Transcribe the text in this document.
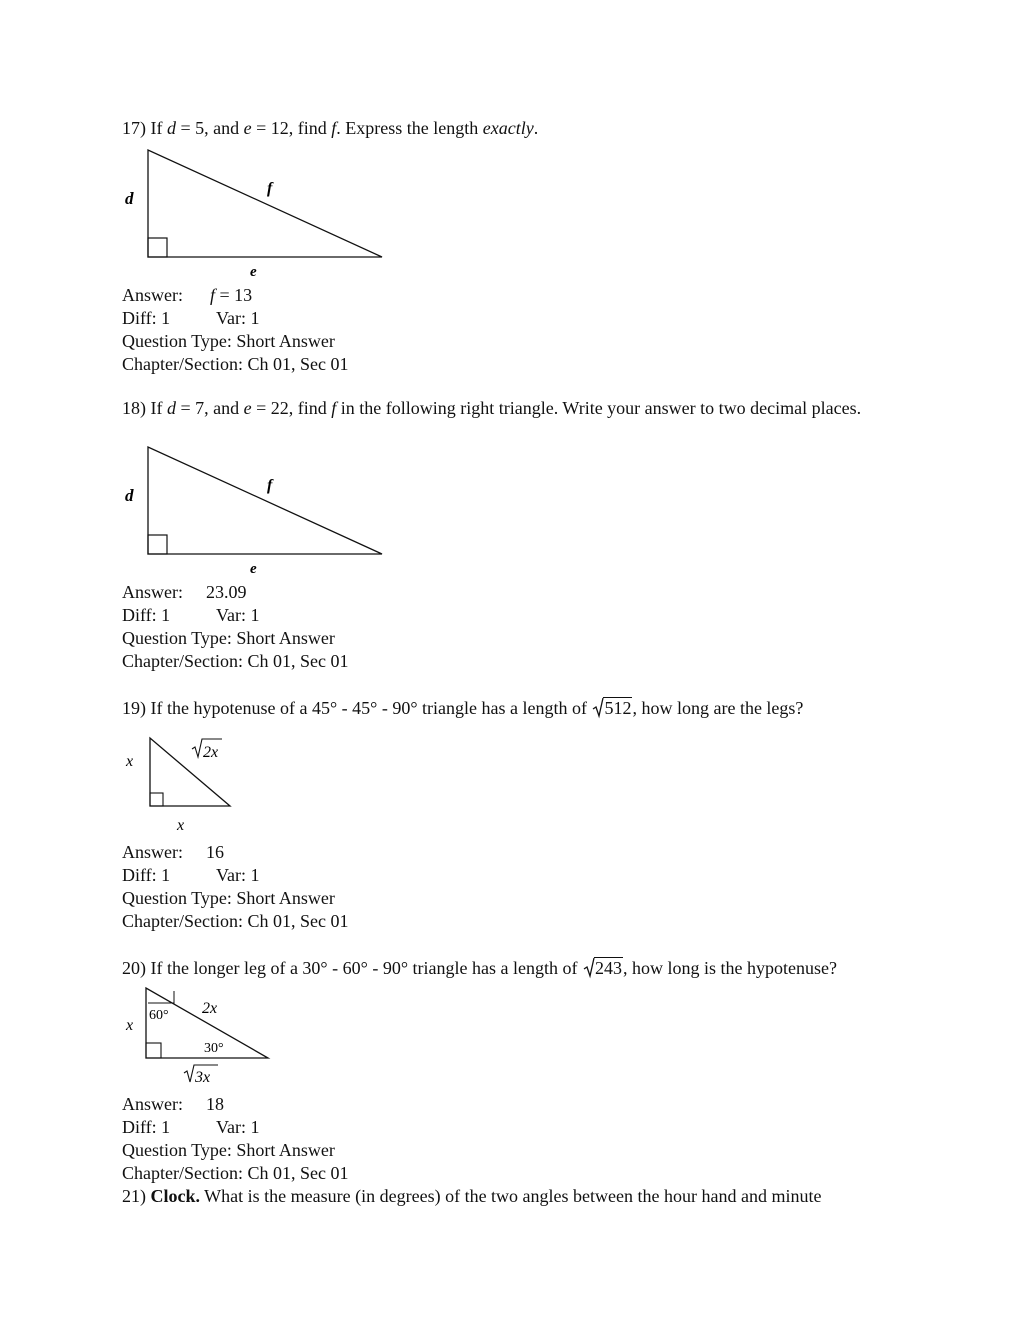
17) If d = 5, and e = 12, find f. Express the length exactly.
d
f
e
Answer: f = 13
Diff: 1	Var: 1
Question Type: Short Answer
Chapter/Section: Ch 01, Sec 01
18) If d = 7, and e = 22, find f in the following right triangle. Write your answer to two decimal places.
d
f
e
Answer: 23.09
Diff: 1	Var: 1
Question Type: Short Answer
Chapter/Section: Ch 01, Sec 01
19) If the hypotenuse of a 45° - 45° - 90° triangle has a length of 512, how long are the legs?
x
2x
x
Answer: 16
Diff: 1	Var: 1
Question Type: Short Answer
Chapter/Section: Ch 01, Sec 01
20) If the longer leg of a 30° - 60° - 90° triangle has a length of 243, how long is the hypotenuse?
60° 2x
x
30°
3x
Answer: 18
Diff: 1	Var: 1
Question Type: Short Answer
Chapter/Section: Ch 01, Sec 01
21) Clock. What is the measure (in degrees) of the two angles between the hour hand and minute
